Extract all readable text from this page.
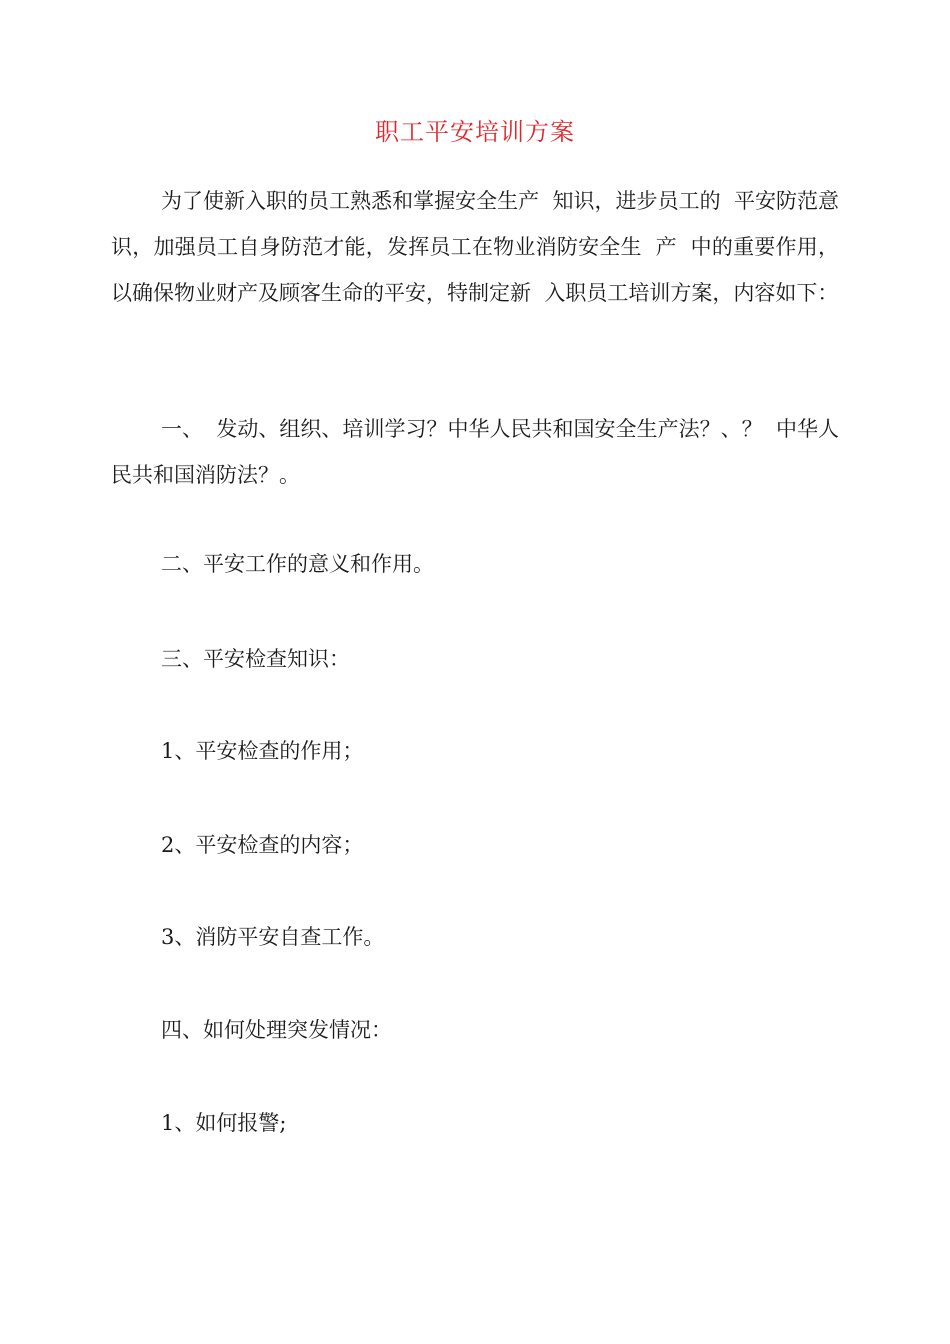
职工平安培训方案

为了使新入职的员工熟悉和掌握安全生产  知识，进步员工的  平安防范意识，加强员工自身防范才能，发挥员工在物业消防安全生  产  中的重要作用，以确保物业财产及顾客生命的平安，特制定新  入职员工培训方案，内容如下：

一、  发动、组织、培训学习？中华人民共和国安全生产法？、？  中华人民共和国消防法？。

二、平安工作的意义和作用。

三、平安检查知识：

1、平安检查的作用；

2、平安检查的内容；

3、消防平安自查工作。

四、如何处理突发情况：

1、如何报警;
